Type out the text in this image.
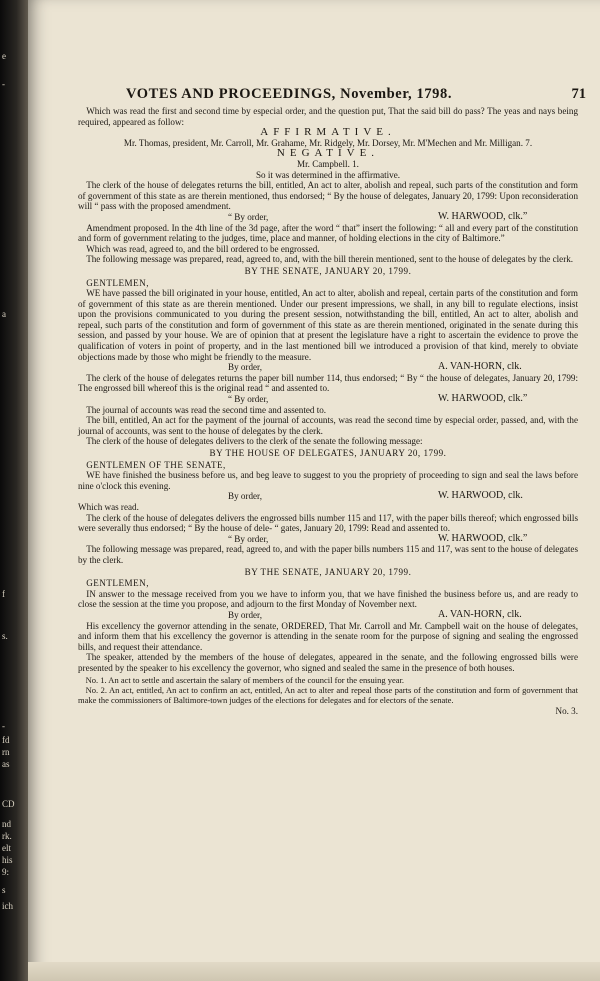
e
-
a
f
s.
-
fd
rn
as
CD
nd
rk.
elt
his
9:
s
ich
VOTES AND PROCEEDINGS, November, 1798.	71

Which was read the first and second time by especial order, and the question put, That the said bill do pass? The yeas and nays being required, appeared as follow:

AFFIRMATIVE.

Mr. Thomas, president, Mr. Carroll, Mr. Grahame, Mr. Ridgely, Mr. Dorsey, Mr. M'Mechen and Mr. Milligan. 7.

NEGATIVE.

Mr. Campbell. 1.

So it was determined in the affirmative.

The clerk of the house of delegates returns the bill, entitled, An act to alter, abolish and repeal, such parts of the constitution and form of government of this state as are therein mentioned, thus endorsed; “ By the house of delegates, January 20, 1799: Upon reconsideration will “ pass with the proposed amendment.

“ By order,	W. HARWOOD, clk.”

Amendment proposed. In the 4th line of the 3d page, after the word “ that” insert the following: “ all and every part of the constitution and form of government relating to the judges, time, place and manner, of holding elections in the city of Baltimore.”

Which was read, agreed to, and the bill ordered to be engrossed.

The following message was prepared, read, agreed to, and, with the bill therein mentioned, sent to the house of delegates by the clerk.

BY THE SENATE, JANUARY 20, 1799.

GENTLEMEN,

WE have passed the bill originated in your house, entitled, An act to alter, abolish and repeal, certain parts of the constitution and form of government of this state as are therein mentioned. Under our present impressions, we shall, in any bill to regulate elections, insist upon the provisions communicated to you during the present session, notwithstanding the bill, entitled, An act to alter, abolish and repeal, such parts of the constitution and form of government of this state as are therein mentioned, originated in the senate during this session, and passed by your house. We are of opinion that at present the legislature have a right to ascertain the evidence to prove the qualification of voters in point of property, and in the last mentioned bill we introduced a provision of that kind, merely to obviate objections made by those who might be friendly to the measure.

By order,	A. VAN-HORN, clk.

The clerk of the house of delegates returns the paper bill number 114, thus endorsed; “ By “ the house of delegates, January 20, 1799: The engrossed bill whereof this is the original read “ and assented to.

“ By order,	W. HARWOOD, clk.”

The journal of accounts was read the second time and assented to.

The bill, entitled, An act for the payment of the journal of accounts, was read the second time by especial order, passed, and, with the journal of accounts, was sent to the house of delegates by the clerk.

The clerk of the house of delegates delivers to the clerk of the senate the following message:

BY THE HOUSE OF DELEGATES, JANUARY 20, 1799.

GENTLEMEN OF THE SENATE,

WE have finished the business before us, and beg leave to suggest to you the propriety of proceeding to sign and seal the laws before nine o'clock this evening.

By order,	W. HARWOOD, clk.

Which was read.

The clerk of the house of delegates delivers the engrossed bills number 115 and 117, with the paper bills thereof; which engrossed bills were severally thus endorsed; “ By the house of dele- “ gates, January 20, 1799: Read and assented to.

“ By order,	W. HARWOOD, clk.”

The following message was prepared, read, agreed to, and with the paper bills numbers 115 and 117, was sent to the house of delegates by the clerk.

BY THE SENATE, JANUARY 20, 1799.

GENTLEMEN,

IN answer to the message received from you we have to inform you, that we have finished the business before us, and are ready to close the session at the time you propose, and adjourn to the first Monday of November next.

By order,	A. VAN-HORN, clk.

His excellency the governor attending in the senate, ORDERED, That Mr. Carroll and Mr. Campbell wait on the house of delegates, and inform them that his excellency the governor is attending in the senate room for the purpose of signing and sealing the engrossed bills, and request their attendance.

The speaker, attended by the members of the house of delegates, appeared in the senate, and the following engrossed bills were presented by the speaker to his excellency the governor, who signed and sealed the same in the presence of both houses.

No. 1. An act to settle and ascertain the salary of members of the council for the ensuing year.

No. 2. An act, entitled, An act to confirm an act, entitled, An act to alter and repeal those parts of the constitution and form of government that make the commissioners of Baltimore-town judges of the elections for delegates and for electors of the senate.

No. 3.
